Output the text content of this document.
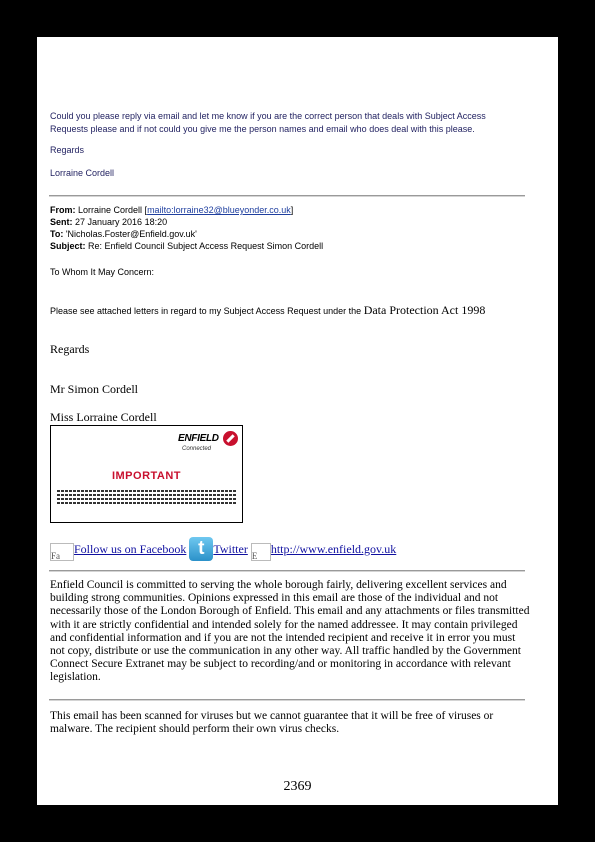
Could you please reply via email and let me know if you are the correct person that deals with Subject Access
Requests please and if not could you give me the person names and email who does deal with this please.
Regards
Lorraine Cordell
From: Lorraine Cordell [mailto:lorraine32@blueyonder.co.uk]
Sent: 27 January 2016 18:20
To: 'Nicholas.Foster@Enfield.gov.uk'
Subject: Re: Enfield Council Subject Access Request Simon Cordell
To Whom It May Concern:
Please see attached letters in regard to my Subject Access Request under the Data Protection Act 1998
Regards
Mr Simon Cordell
Miss Lorraine Cordell
ENFIELD
Connected
IMPORTANT
Fa Follow us on Facebook t Twitter E http://www.enfield.gov.uk
Enfield Council is committed to serving the whole borough fairly, delivering excellent services and building strong communities. Opinions expressed in this email are those of the individual and not necessarily those of the London Borough of Enfield. This email and any attachments or files transmitted with it are strictly confidential and intended solely for the named addressee. It may contain privileged and confidential information and if you are not the intended recipient and receive it in error you must not copy, distribute or use the communication in any other way. All traffic handled by the Government Connect Secure Extranet may be subject to recording/and or monitoring in accordance with relevant legislation.
This email has been scanned for viruses but we cannot guarantee that it will be free of viruses or malware. The recipient should perform their own virus checks.
2369
